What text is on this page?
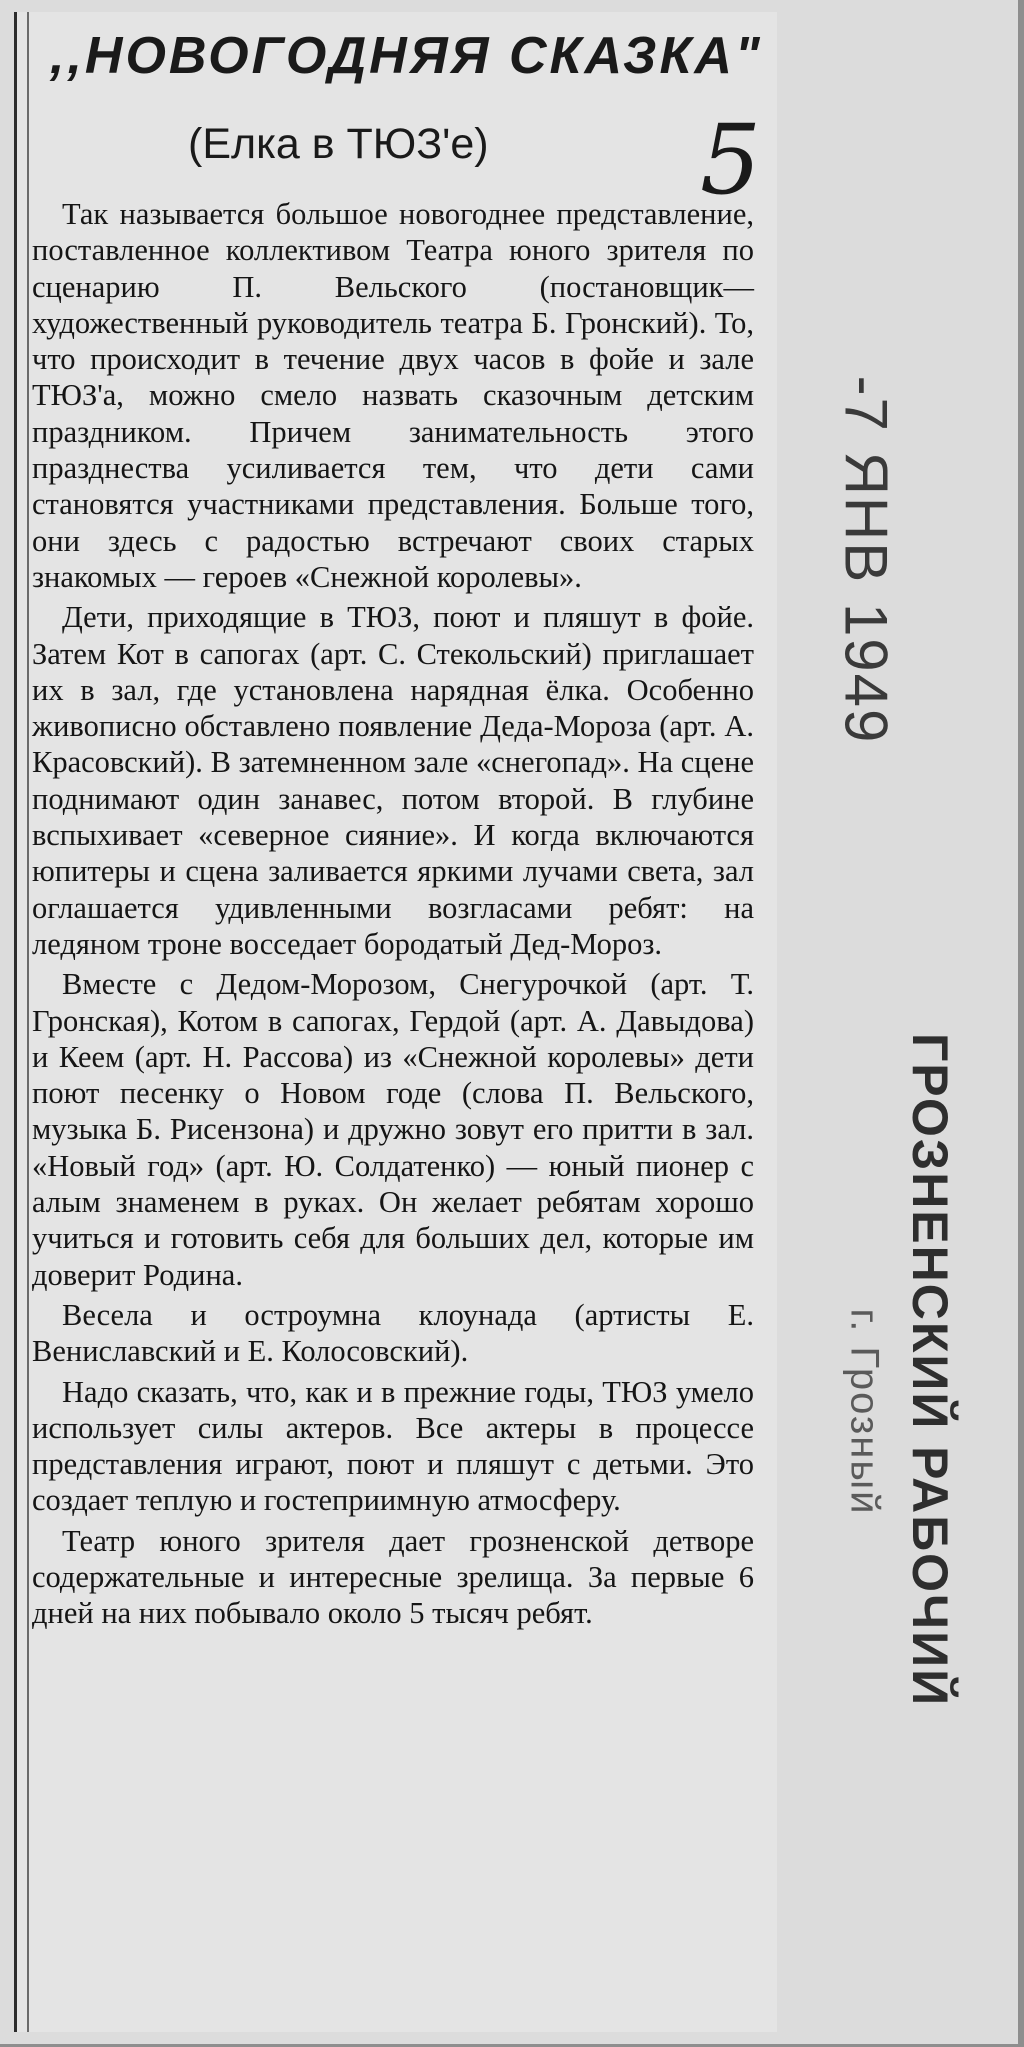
,,НОВОГОДНЯЯ СКАЗКА"
(Елка в ТЮЗ'е) 5

Так называется большое новогоднее представление, поставленное коллективом Театра юного зрителя по сценарию П. Вельского (постановщик—художественный руководитель театра Б. Гронский). То, что происходит в течение двух часов в фойе и зале ТЮЗ'а, можно смело назвать сказочным детским праздником. Причем занимательность этого празднества усиливается тем, что дети сами становятся участниками представления. Больше того, они здесь с радостью встречают своих старых знакомых — героев «Снежной королевы».

Дети, приходящие в ТЮЗ, поют и пляшут в фойе. Затем Кот в сапогах (арт. С. Стекольский) приглашает их в зал, где установлена нарядная ёлка. Особенно живописно обставлено появление Деда-Мороза (арт. А. Красовский). В затемненном зале «снегопад». На сцене поднимают один занавес, потом второй. В глубине вспыхивает «северное сияние». И когда включаются юпитеры и сцена заливается яркими лучами света, зал оглашается удивленными возгласами ребят: на ледяном троне восседает бородатый Дед-Мороз.

Вместе с Дедом-Морозом, Снегурочкой (арт. Т. Гронская), Котом в сапогах, Гердой (арт. А. Давыдова) и Кеем (арт. Н. Рассова) из «Снежной королевы» дети поют песенку о Новом годе (слова П. Вельского, музыка Б. Рисензона) и дружно зовут его притти в зал. «Новый год» (арт. Ю. Солдатенко) — юный пионер с алым знаменем в руках. Он желает ребятам хорошо учиться и готовить себя для больших дел, которые им доверит Родина.

Весела и остроумна клоунада (артисты Е. Вениславский и Е. Колосовский).

Надо сказать, что, как и в прежние годы, ТЮЗ умело использует силы актеров. Все актеры в процессе представления играют, поют и пляшут с детьми. Это создает теплую и гостеприимную атмосферу.

Театр юного зрителя дает грозненской детворе содержательные и интересные зрелища. За первые 6 дней на них побывало около 5 тысяч ребят.

-7 ЯНВ 1949
ГРОЗНЕНСКИЙ РАБОЧИЙ
г. Грозный
